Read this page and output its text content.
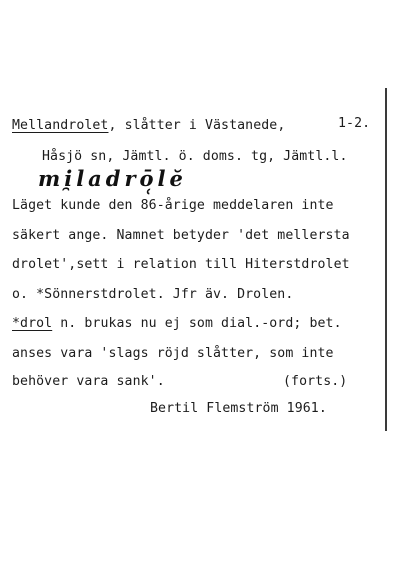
Mellandrolet, slåtter i Västanede,	1-2.
Håsjö sn, Jämtl. ö. doms. tg, Jämtl.l.
mi̯ladrō̜lĕ
Läget kunde den 86-årige meddelaren inte
säkert ange. Namnet betyder 'det mellersta
drolet',sett i relation till Hiterstdrolet
o. *Sönnerstdrolet. Jfr äv. Drolen.
*drol n. brukas nu ej som dial.-ord; bet.
anses vara 'slags röjd slåtter, som inte
behöver vara sank'.	(forts.)
Bertil Flemström 1961.
